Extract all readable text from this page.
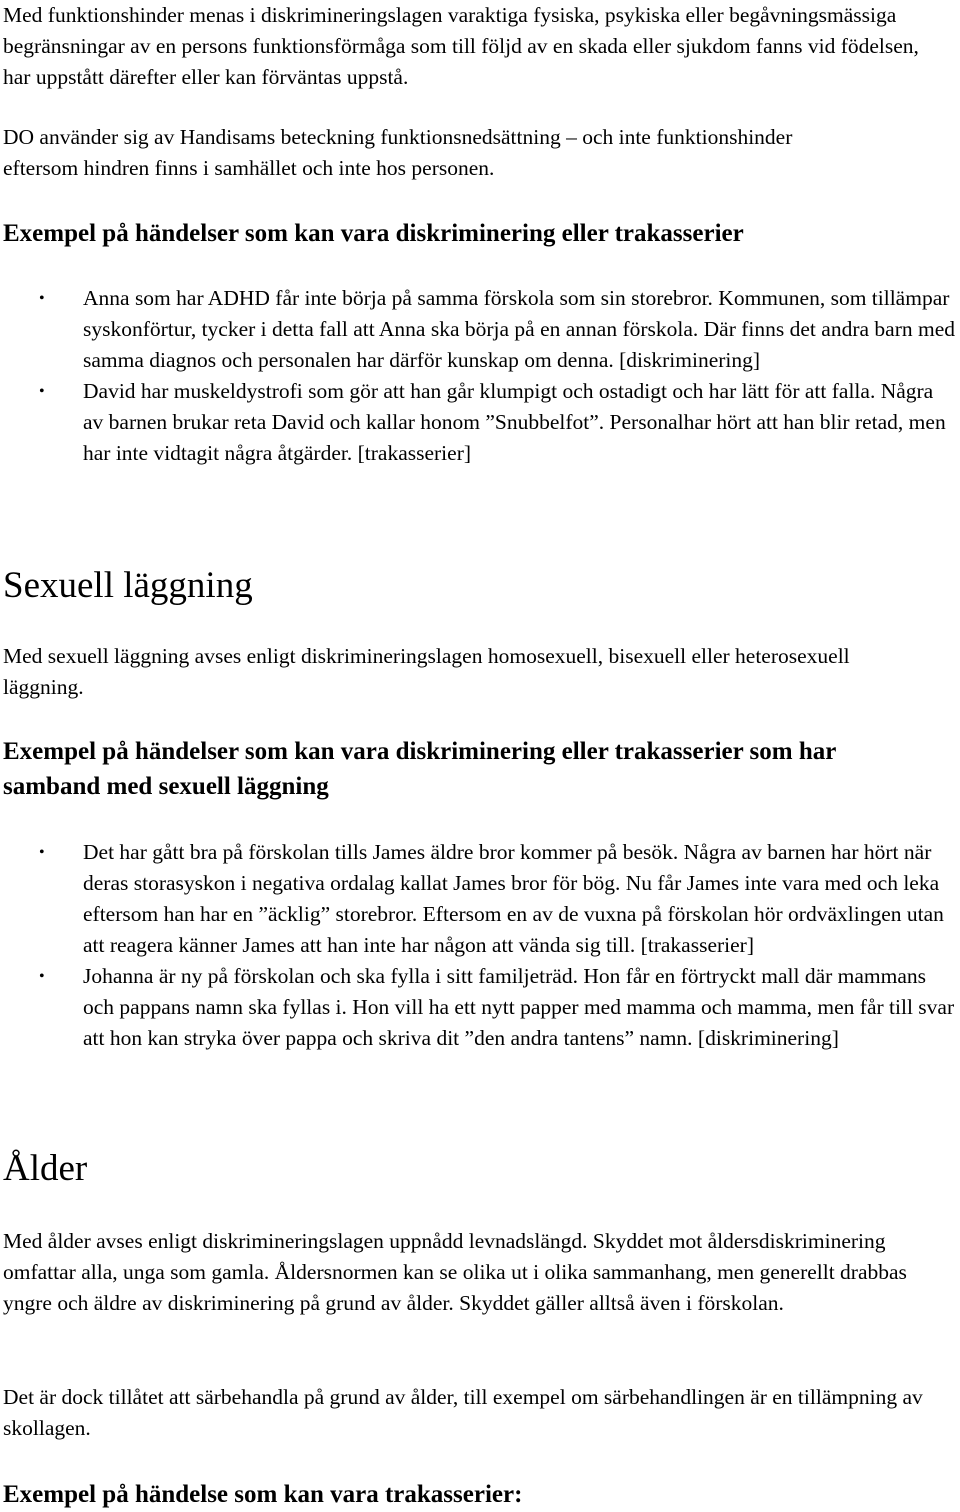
Med funktionshinder menas i diskrimineringslagen varaktiga fysiska, psykiska eller begåvningsmässiga begränsningar av en persons funktionsförmåga som till följd av en skada eller sjukdom fanns vid födelsen, har uppstått därefter eller kan förväntas uppstå.

DO använder sig av Handisams beteckning funktionsnedsättning – och inte funktionshinder eftersom hindren finns i samhället och inte hos personen.

Exempel på händelser som kan vara diskriminering eller trakasserier
• Anna som har ADHD får inte börja på samma förskola som sin storebror. Kommunen, som tillämpar syskonförtur, tycker i detta fall att Anna ska börja på en annan förskola. Där finns det andra barn med samma diagnos och personalen har därför kunskap om denna. [diskriminering]
• David har muskeldystrofi som gör att han går klumpigt och ostadigt och har lätt för att falla. Några av barnen brukar reta David och kallar honom ”Snubbelfot”. Personalhar hört att han blir retad, men har inte vidtagit några åtgärder. [trakasserier]
Sexuell läggning

Med sexuell läggning avses enligt diskrimineringslagen homosexuell, bisexuell eller heterosexuell läggning.

Exempel på händelser som kan vara diskriminering eller trakasserier som har samband med sexuell läggning
• Det har gått bra på förskolan tills James äldre bror kommer på besök. Några av barnen har hört när deras storasyskon i negativa ordalag kallat James bror för bög. Nu får James inte vara med och leka eftersom han har en ”äcklig” storebror. Eftersom en av de vuxna på förskolan hör ordväxlingen utan att reagera känner James att han inte har någon att vända sig till. [trakasserier]
• Johanna är ny på förskolan och ska fylla i sitt familjeträd. Hon får en förtryckt mall där mammans och pappans namn ska fyllas i. Hon vill ha ett nytt papper med mamma och mamma, men får till svar att hon kan stryka över pappa och skriva dit ”den andra tantens” namn. [diskriminering]
Ålder

Med ålder avses enligt diskrimineringslagen uppnådd levnadslängd. Skyddet mot åldersdiskriminering omfattar alla, unga som gamla. Åldersnormen kan se olika ut i olika sammanhang, men generellt drabbas yngre och äldre av diskriminering på grund av ålder. Skyddet gäller alltså även i förskolan.

Det är dock tillåtet att särbehandla på grund av ålder, till exempel om särbehandlingen är en tillämpning av skollagen.

Exempel på händelse som kan vara trakasserier:
